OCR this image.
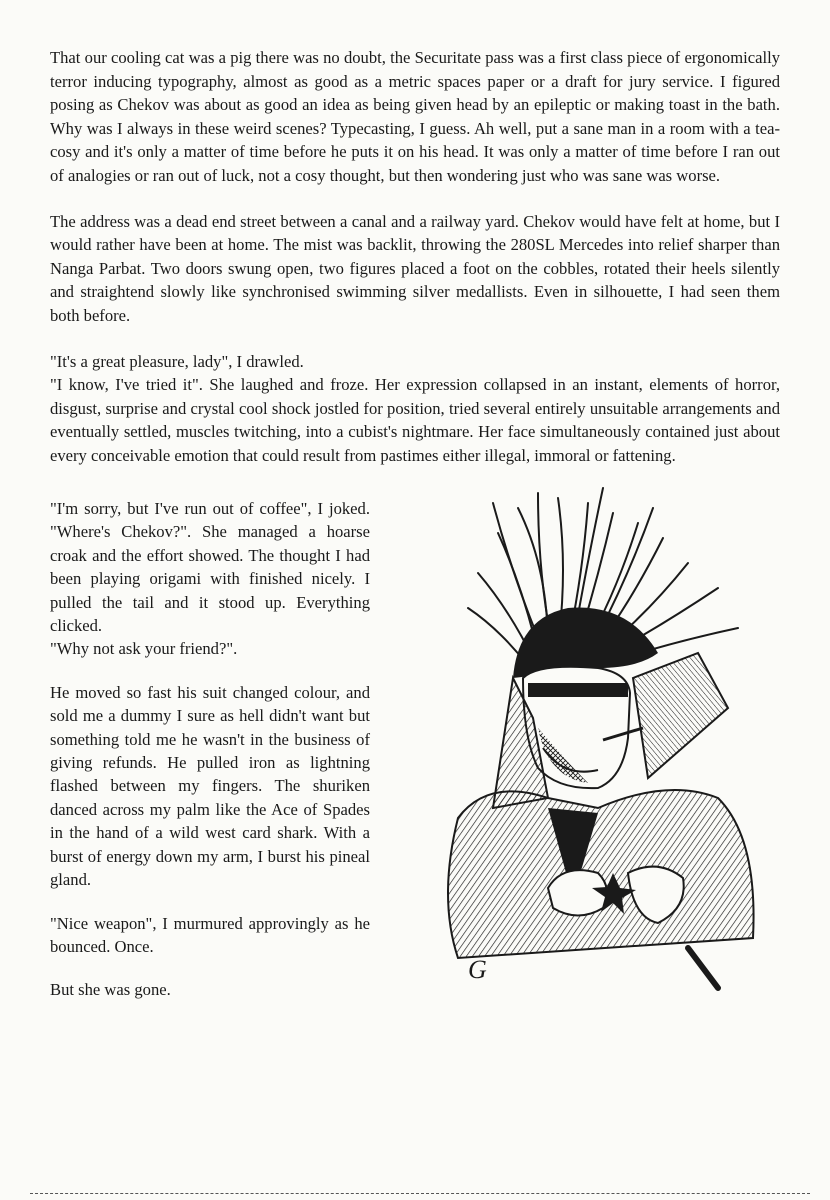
That our cooling cat was a pig there was no doubt, the Securitate pass was a first class piece of ergonomically terror inducing typography, almost as good as a metric spaces paper or a draft for jury service. I figured posing as Chekov was about as good an idea as being given head by an epileptic or making toast in the bath. Why was I always in these weird scenes? Typecasting, I guess. Ah well, put a sane man in a room with a tea-cosy and it's only a matter of time before he puts it on his head. It was only a matter of time before I ran out of analogies or ran out of luck, not a cosy thought, but then wondering just who was sane was worse.

The address was a dead end street between a canal and a railway yard. Chekov would have felt at home, but I would rather have been at home. The mist was backlit, throwing the 280SL Mercedes into relief sharper than Nanga Parbat. Two doors swung open, two figures placed a foot on the cobbles, rotated their heels silently and straightend slowly like synchronised swimming silver medallists. Even in silhouette, I had seen them both before.

"It's a great pleasure, lady", I drawled.

"I know, I've tried it". She laughed and froze. Her expression collapsed in an instant, elements of horror, disgust, surprise and crystal cool shock jostled for position, tried several entirely unsuitable arrangements and eventually settled, muscles twitching, into a cubist's nightmare. Her face simultaneously contained just about every conceivable emotion that could result from pastimes either illegal, immoral or fattening.

"I'm sorry, but I've run out of coffee", I joked. "Where's Chekov?". She managed a hoarse croak and the effort showed. The thought I had been playing origami with finished nicely. I pulled the tail and it stood up. Everything clicked.
"Why not ask your friend?".

He moved so fast his suit changed colour, and sold me a dummy I sure as hell didn't want but something told me he wasn't in the business of giving refunds. He pulled iron as lightning flashed between my fingers. The shuriken danced across my palm like the Ace of Spades in the hand of a wild west card shark. With a burst of energy down my arm, I burst his pineal gland.

"Nice weapon", I murmured approvingly as he bounced. Once.

But she was gone.

G
